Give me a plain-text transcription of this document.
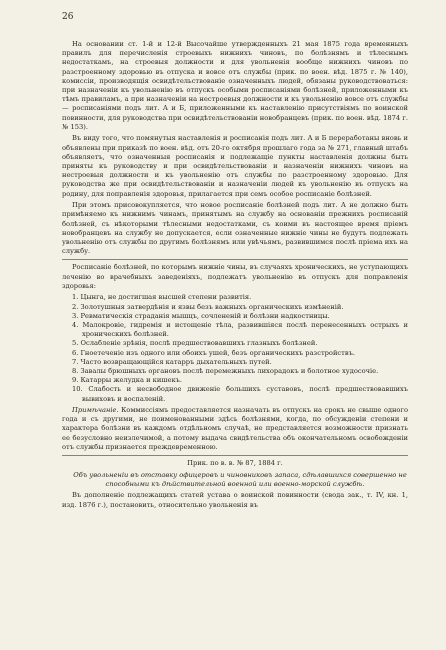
26

На основании ст. 1-й и 12-й Высочайше утвержденныхъ 21 мая 1875 года временныхъ правилъ для перечисленія строевыхъ нижнихъ чиновъ, по болѣзнямъ и тѣлеснымъ недостаткамъ, на строевыя должности и для увольненія вообще нижнихъ чиновъ по разстроенному здоровью въ отпуска и вовсе отъ службы (прик. по воен. вѣд. 1875 г. № 140), комиссіи, производящія освидѣтельствованіе означенныхъ людей, обязаны руководствоваться: при назначеніи къ увольненію въ отпускъ особыми росписаніями болѣзней, приложенными къ тѣмъ правиламъ, а при назначеніи на нестроевыя должности и къ увольненію вовсе отъ службы — росписаніями подъ лит. А и Б, приложенными къ наставленію присутствіямъ по воинской повинности, для руководства при освидѣтельствованіи новобранцевъ (прик. по воен. вѣд. 1874 г. № 153).

Въ виду того, что помянутыя наставленія и росписанія подъ лит. А и Б переработаны вновь и объявлены при приказѣ по воен. вѣд. отъ 20-го октября прошлаго года за № 271, главный штабъ объявляетъ, что означенныя росписанія и подлежащіе пункты наставленія должны быть приняты къ руководству и при освидѣтельствованіи и назначеніи нижнихъ чиновъ на нестроевыя должности и къ увольненію отъ службы по разстроенному здоровью. Для руководства же при освидѣтельствованіи и назначеніи людей къ увольненію въ отпускъ на родину, для поправленія здоровья, прилагается при семъ особое росписаніе болѣзней.

При этомъ присовокупляется, что новое росписаніе болѣзней подъ лит. А не должно быть примѣняемо къ нижнимъ чинамъ, принятымъ на службу на основаніи прежнихъ росписаній болѣзней, съ нѣкоторыми тѣлесными недостатками, съ коими въ настоящее время пріемъ новобранцевъ на службу не допускается, если означенные нижніе чины не будутъ подлежать увольненію отъ службы по другимъ болѣзнямъ или увѣчьямъ, развившимся послѣ пріема ихъ на службу.

Росписаніе болѣзней, по которымъ нижніе чины, въ случаяхъ хроническихъ, не уступающихъ леченію во врачебныхъ заведеніяхъ, подлежатъ увольненію въ отпускъ для поправленія здоровья:

1. Цынга, не достигшая высшей степени развитія.
2. Золотушныя затвердѣнія и язвы безъ важныхъ органическихъ измѣненій.
3. Ревматическія страданія мышцъ, сочлененій и болѣзни надкостницы.
4. Малокровіе, гидремія и истощеніе тѣла, развившіяся послѣ перенесенныхъ острыхъ и хроническихъ болѣзней.
5. Ослабленіе зрѣнія, послѣ предшествовавшихъ глазныхъ болѣзней.
6. Гноетеченіе изъ одного или обоихъ ушей, безъ органическихъ разстройствъ.
7. Часто возвращающійся катарръ дыхательныхъ путей.
8. Завалы брюшныхъ органовъ послѣ перемежныхъ лихорадокъ и болотное худосочіе.
9. Катарры желудка и кишекъ.
10. Слабость и несвободное движеніе большихъ суставовъ, послѣ предшествовавшихъ вывиховъ и воспаленій.

Примѣчаніе. Коммиссіямъ предоставляется назначать въ отпускъ на срокъ не свыше одного года и съ другими, не поименованными здѣсь болѣзнями, когда, по обсужденіи степени и характера болѣзни въ каждомъ отдѣльномъ случаѣ, не представляется возможности признать ее безусловно неизлечимой, а потому выдача свидѣтельства объ окончательномъ освобожденіи отъ службы признается преждевременною.

Прик. по в. в. № 87, 1884 г.

Объ увольненіи въ отставку офицеровъ и чиновниковъ запаса, сдѣлавшихся совершенно не способными къ дѣйствительной военной или военно-морской службѣ.

Въ дополненіе подлежащихъ статей устава о воинской повинности (свода зак., т. IV, кн. 1, изд. 1876 г.), постановить, относительно увольненія въ
